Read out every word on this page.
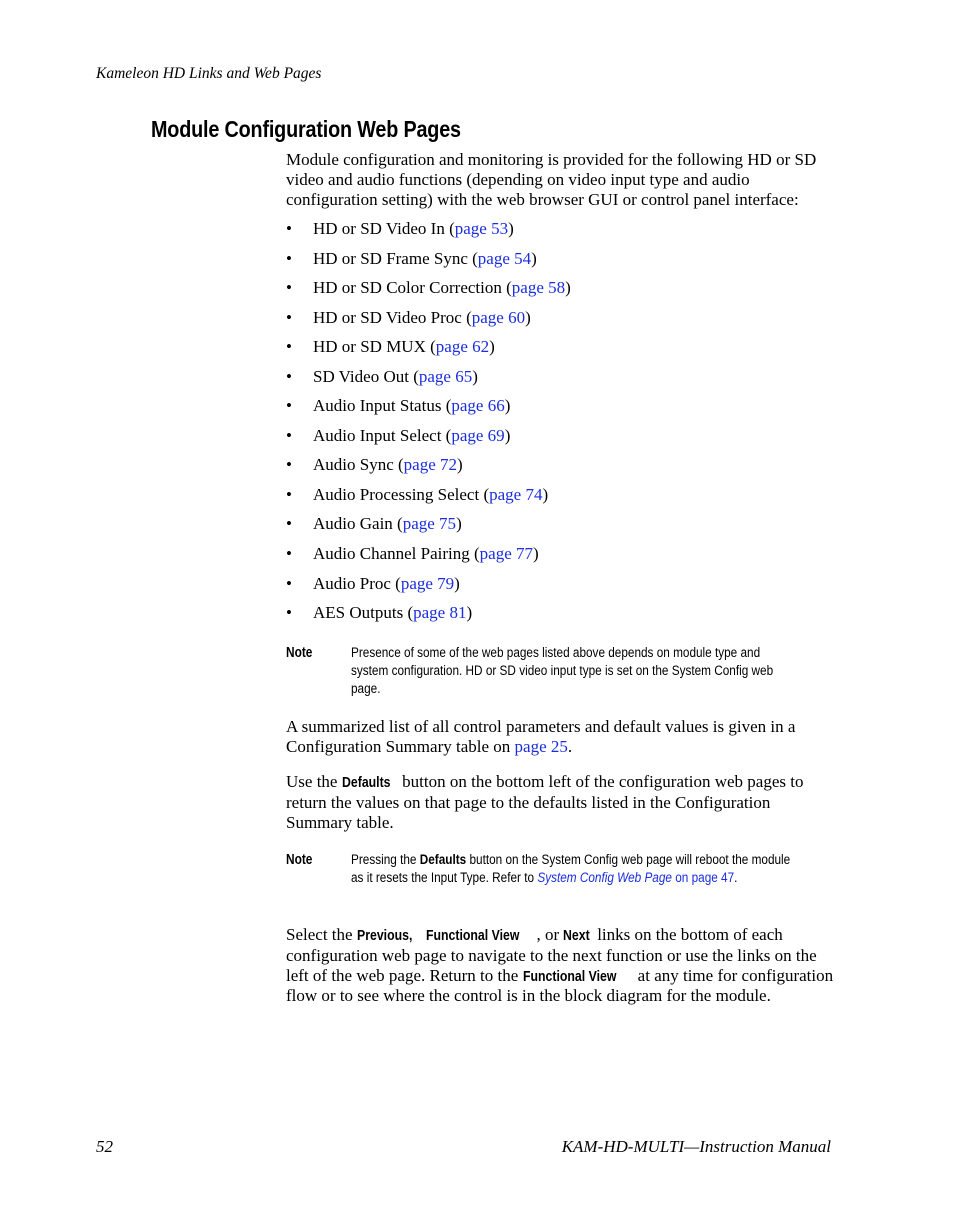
Kameleon HD Links and Web Pages
Module Configuration Web Pages

Module configuration and monitoring is provided for the following HD or SD video and audio functions (depending on video input type and audio configuration setting) with the web browser GUI or control panel interface:

• HD or SD Video In (page 53)
• HD or SD Frame Sync (page 54)
• HD or SD Color Correction (page 58)
• HD or SD Video Proc (page 60)
• HD or SD MUX (page 62)
• SD Video Out (page 65)
• Audio Input Status (page 66)
• Audio Input Select (page 69)
• Audio Sync (page 72)
• Audio Processing Select (page 74)
• Audio Gain (page 75)
• Audio Channel Pairing (page 77)
• Audio Proc (page 79)
• AES Outputs (page 81)
Note	Presence of some of the web pages listed above depends on module type and system configuration. HD or SD video input type is set on the System Config web page.

A summarized list of all control parameters and default values is given in a Configuration Summary table on page 25.

Use the Defaults button on the bottom left of the configuration web pages to return the values on that page to the defaults listed in the Configuration Summary table.

Note	Pressing the Defaults button on the System Config web page will reboot the module as it resets the Input Type. Refer to System Config Web Page on page 47.

Select the Previous, Functional View , or Next links on the bottom of each configuration web page to navigate to the next function or use the links on the left of the web page. Return to the Functional View at any time for configuration flow or to see where the control is in the block diagram for the module.

52	KAM-HD-MULTI—Instruction Manual
